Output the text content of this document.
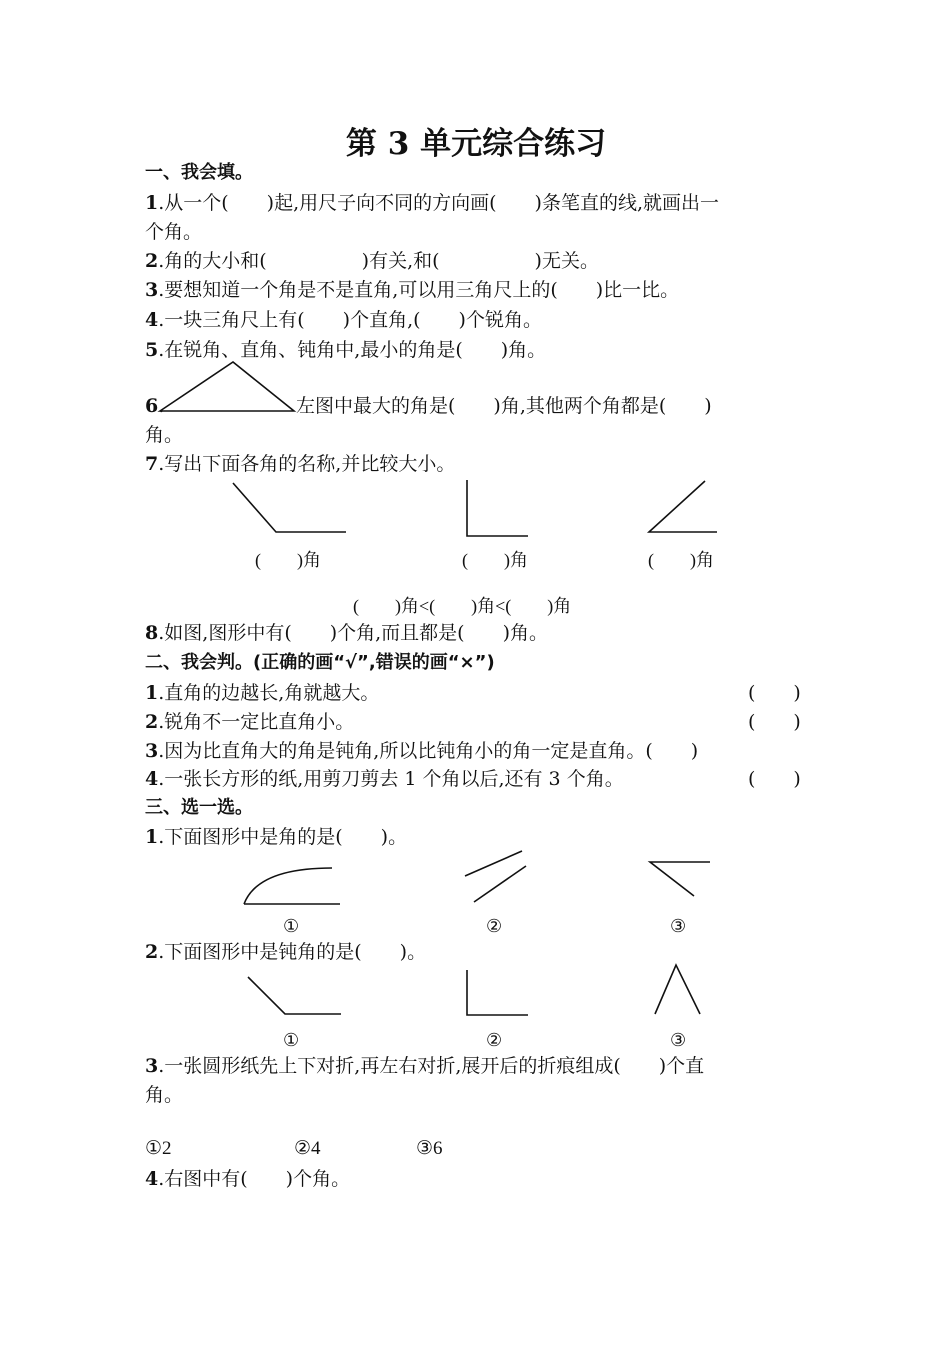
第 3 单元综合练习
一、我会填。
1.从一个(　　)起,用尺子向不同的方向画(　　)条笔直的线,就画出一
个角。
2.角的大小和(　　　　　)有关,和(　　　　　)无关。
3.要想知道一个角是不是直角,可以用三角尺上的(　　)比一比。
4.一块三角尺上有(　　)个直角,(　　)个锐角。
5.在锐角、直角、钝角中,最小的角是(　　)角。
6.	左图中最大的角是(　　)角,其他两个角都是(　　)
角。
7.写出下面各角的名称,并比较大小。
(　　)角	(　　)角	(　　)角
(　　)角<(　　)角<(　　)角
8.如图,图形中有(　　)个角,而且都是(　　)角。
二、我会判。(正确的画“√”,错误的画“×”)
1.直角的边越长,角就越大。	(　　)
2.锐角不一定比直角小。	(　　)
3.因为比直角大的角是钝角,所以比钝角小的角一定是直角。(　　)
4.一张长方形的纸,用剪刀剪去 1 个角以后,还有 3 个角。	(　　)
三、选一选。
1.下面图形中是角的是(　　)。
①	②	③
2.下面图形中是钝角的是(　　)。
①	②	③
3.一张圆形纸先上下对折,再左右对折,展开后的折痕组成(　　)个直
角。
①2	②4	③6
4.右图中有(　　)个角。
